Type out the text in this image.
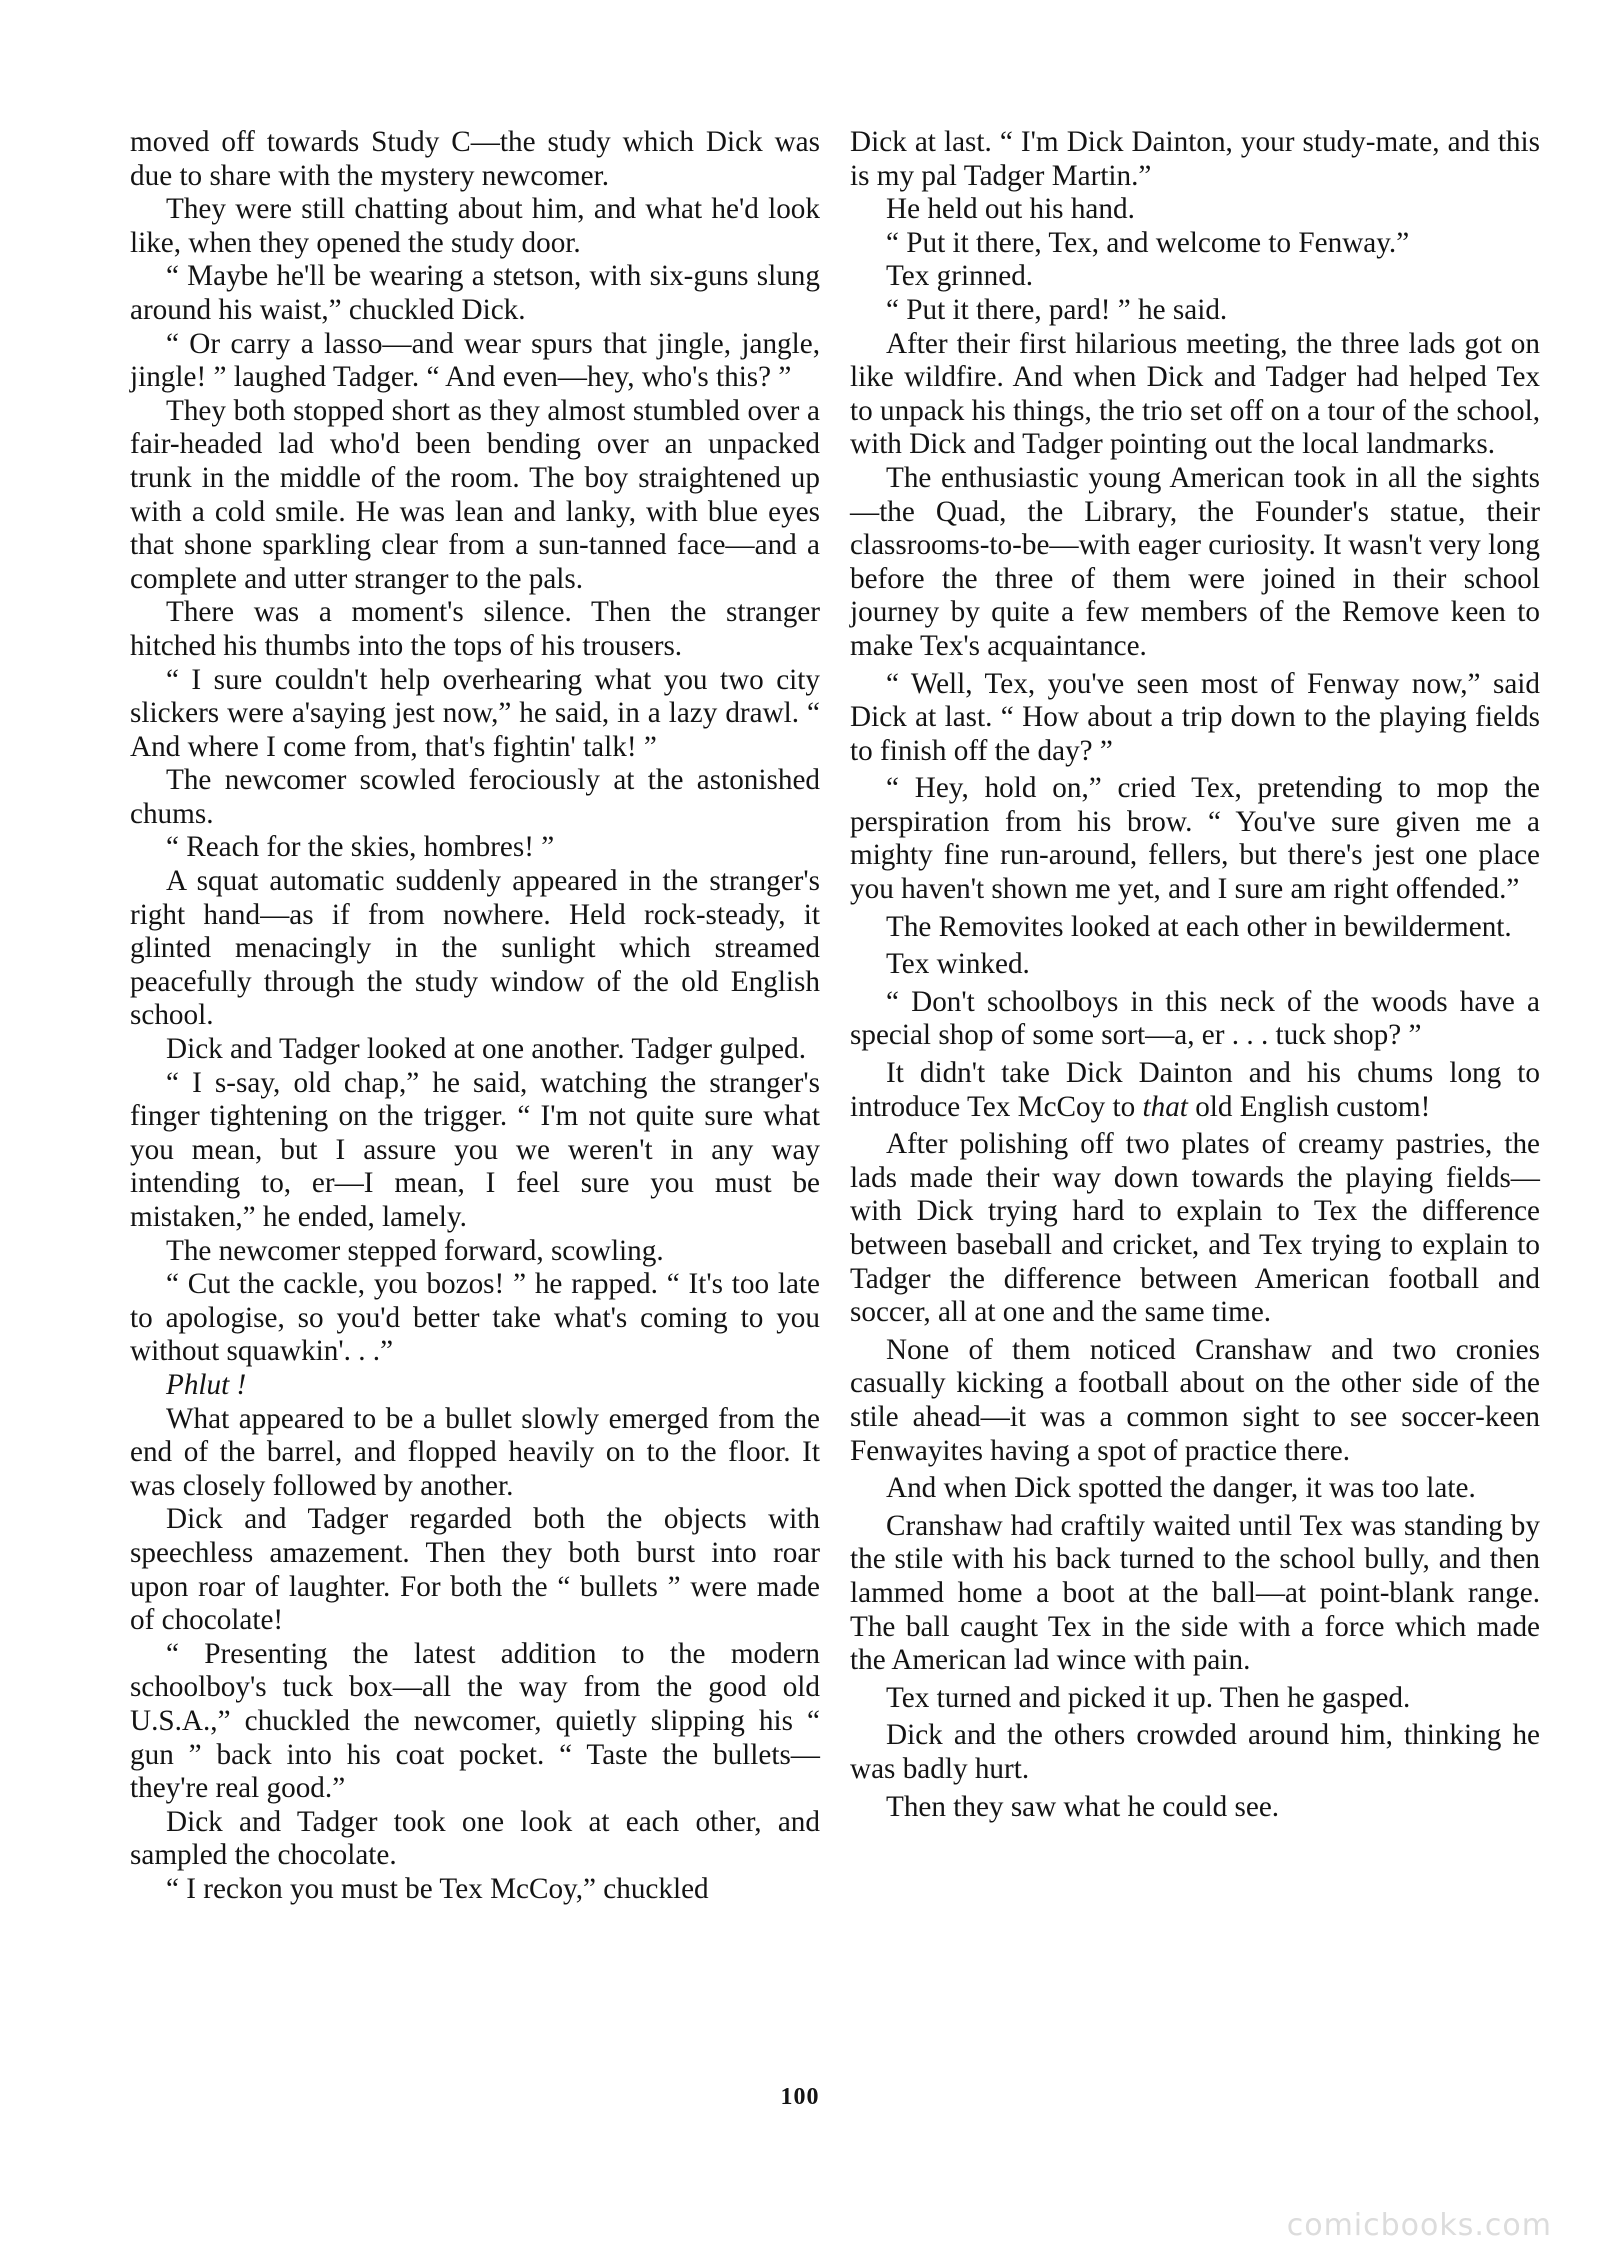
moved off towards Study C—the study which Dick was due to share with the mystery newcomer.

They were still chatting about him, and what he'd look like, when they opened the study door.

“ Maybe he'll be wearing a stetson, with six-guns slung around his waist,” chuckled Dick.

“ Or carry a lasso—and wear spurs that jingle, jangle, jingle! ” laughed Tadger. “ And even—hey, who's this? ”

They both stopped short as they almost stumbled over a fair-headed lad who'd been bending over an unpacked trunk in the middle of the room. The boy straightened up with a cold smile. He was lean and lanky, with blue eyes that shone sparkling clear from a sun-tanned face—and a complete and utter stranger to the pals.

There was a moment's silence. Then the stranger hitched his thumbs into the tops of his trousers.

“ I sure couldn't help overhearing what you two city slickers were a'saying jest now,” he said, in a lazy drawl. “ And where I come from, that's fightin' talk! ”

The newcomer scowled ferociously at the astonished chums.

“ Reach for the skies, hombres! ”

A squat automatic suddenly appeared in the stranger's right hand—as if from nowhere. Held rock-steady, it glinted menacingly in the sunlight which streamed peacefully through the study window of the old English school.

Dick and Tadger looked at one another. Tadger gulped.

“ I s-say, old chap,” he said, watching the stranger's finger tightening on the trigger. “ I'm not quite sure what you mean, but I assure you we weren't in any way intending to, er—I mean, I feel sure you must be mistaken,” he ended, lamely.

The newcomer stepped forward, scowling.

“ Cut the cackle, you bozos! ” he rapped. “ It's too late to apologise, so you'd better take what's coming to you without squawkin'. . .”

Phlut !

What appeared to be a bullet slowly emerged from the end of the barrel, and flopped heavily on to the floor. It was closely followed by another.

Dick and Tadger regarded both the objects with speechless amazement. Then they both burst into roar upon roar of laughter. For both the “ bullets ” were made of chocolate!

“ Presenting the latest addition to the modern schoolboy's tuck box—all the way from the good old U.S.A.,” chuckled the newcomer, quietly slipping his “ gun ” back into his coat pocket. “ Taste the bullets—they're real good.”

Dick and Tadger took one look at each other, and sampled the chocolate.

“ I reckon you must be Tex McCoy,” chuckled

Dick at last. “ I'm Dick Dainton, your study-mate, and this is my pal Tadger Martin.”

He held out his hand.

“ Put it there, Tex, and welcome to Fenway.”

Tex grinned.

“ Put it there, pard! ” he said.

After their first hilarious meeting, the three lads got on like wildfire. And when Dick and Tadger had helped Tex to unpack his things, the trio set off on a tour of the school, with Dick and Tadger pointing out the local landmarks.

The enthusiastic young American took in all the sights—the Quad, the Library, the Founder's statue, their classrooms-to-be—with eager curiosity. It wasn't very long before the three of them were joined in their school journey by quite a few members of the Remove keen to make Tex's acquaintance.

“ Well, Tex, you've seen most of Fenway now,” said Dick at last. “ How about a trip down to the playing fields to finish off the day? ”

“ Hey, hold on,” cried Tex, pretending to mop the perspiration from his brow. “ You've sure given me a mighty fine run-around, fellers, but there's jest one place you haven't shown me yet, and I sure am right offended.”

The Removites looked at each other in bewilderment.

Tex winked.

“ Don't schoolboys in this neck of the woods have a special shop of some sort—a, er . . . tuck shop? ”

It didn't take Dick Dainton and his chums long to introduce Tex McCoy to that old English custom!

After polishing off two plates of creamy pastries, the lads made their way down towards the playing fields—with Dick trying hard to explain to Tex the difference between baseball and cricket, and Tex trying to explain to Tadger the difference between American football and soccer, all at one and the same time.

None of them noticed Cranshaw and two cronies casually kicking a football about on the other side of the stile ahead—it was a common sight to see soccer-keen Fenwayites having a spot of practice there.

And when Dick spotted the danger, it was too late.

Cranshaw had craftily waited until Tex was standing by the stile with his back turned to the school bully, and then lammed home a boot at the ball—at point-blank range. The ball caught Tex in the side with a force which made the American lad wince with pain.

Tex turned and picked it up. Then he gasped.

Dick and the others crowded around him, thinking he was badly hurt.

Then they saw what he could see.

100
comicbooks.com
